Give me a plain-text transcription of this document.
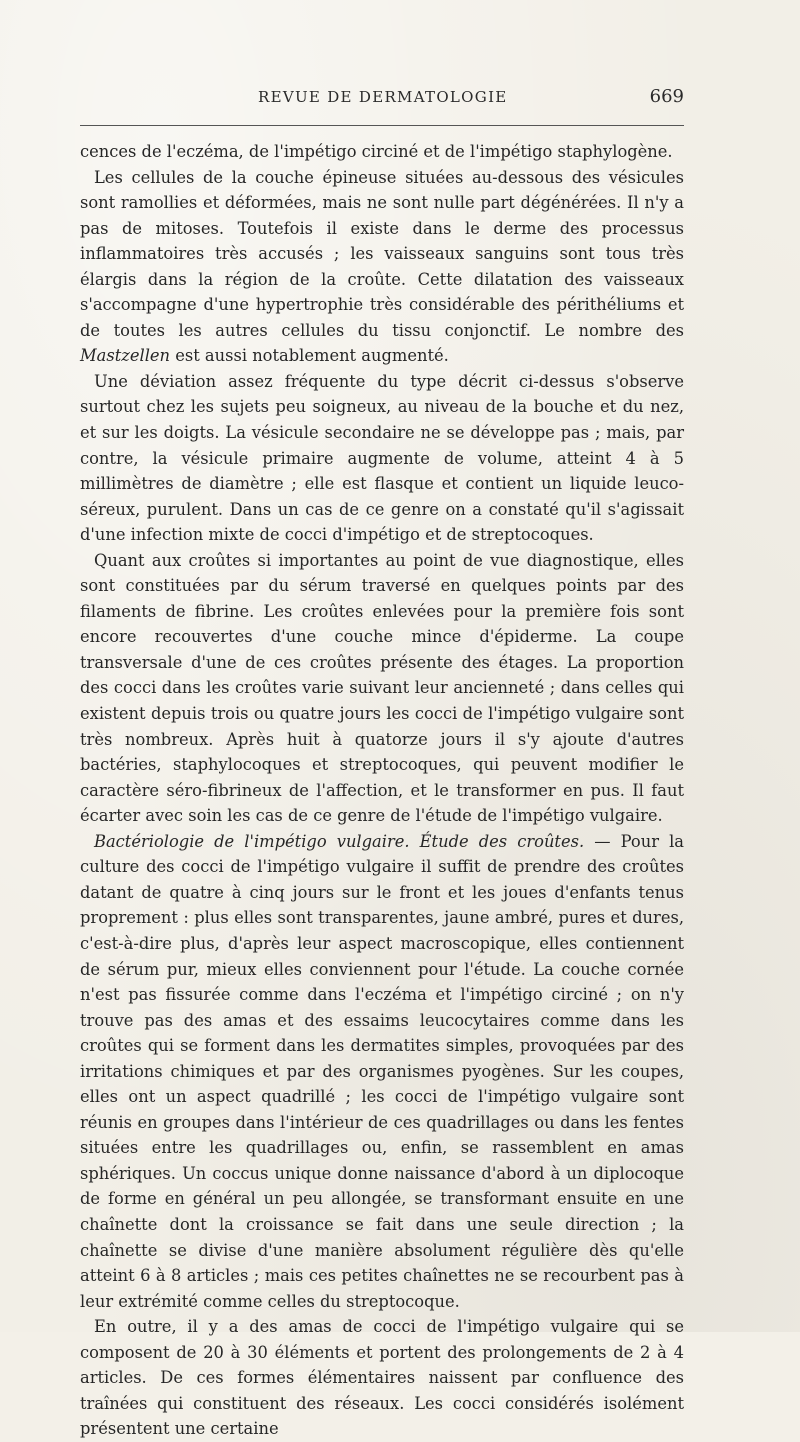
REVUE DE DERMATOLOGIE	669

cences de l'eczéma, de l'impétigo circiné et de l'impétigo staphylogène.

Les cellules de la couche épineuse situées au-dessous des vésicules sont ramollies et déformées, mais ne sont nulle part dégénérées. Il n'y a pas de mitoses. Toutefois il existe dans le derme des processus inflammatoires très accusés ; les vaisseaux sanguins sont tous très élargis dans la région de la croûte. Cette dilatation des vaisseaux s'accompagne d'une hypertrophie très considérable des périthéliums et de toutes les autres cellules du tissu conjonctif. Le nombre des Mastzellen est aussi notablement augmenté.

Une déviation assez fréquente du type décrit ci-dessus s'observe surtout chez les sujets peu soigneux, au niveau de la bouche et du nez, et sur les doigts. La vésicule secondaire ne se développe pas ; mais, par contre, la vésicule primaire augmente de volume, atteint 4 à 5 millimètres de diamètre ; elle est flasque et contient un liquide leuco-séreux, purulent. Dans un cas de ce genre on a constaté qu'il s'agissait d'une infection mixte de cocci d'impétigo et de streptocoques.

Quant aux croûtes si importantes au point de vue diagnostique, elles sont constituées par du sérum traversé en quelques points par des filaments de fibrine. Les croûtes enlevées pour la première fois sont encore recouvertes d'une couche mince d'épiderme. La coupe transversale d'une de ces croûtes présente des étages. La proportion des cocci dans les croûtes varie suivant leur ancienneté ; dans celles qui existent depuis trois ou quatre jours les cocci de l'impétigo vulgaire sont très nombreux. Après huit à quatorze jours il s'y ajoute d'autres bactéries, staphylocoques et streptocoques, qui peuvent modifier le caractère séro-fibrineux de l'affection, et le transformer en pus. Il faut écarter avec soin les cas de ce genre de l'étude de l'impétigo vulgaire.

Bactériologie de l'impétigo vulgaire. Étude des croûtes. — Pour la culture des cocci de l'impétigo vulgaire il suffit de prendre des croûtes datant de quatre à cinq jours sur le front et les joues d'enfants tenus proprement : plus elles sont transparentes, jaune ambré, pures et dures, c'est-à-dire plus, d'après leur aspect macroscopique, elles contiennent de sérum pur, mieux elles conviennent pour l'étude. La couche cornée n'est pas fissurée comme dans l'eczéma et l'impétigo circiné ; on n'y trouve pas des amas et des essaims leucocytaires comme dans les croûtes qui se forment dans les dermatites simples, provoquées par des irritations chimiques et par des organismes pyogènes. Sur les coupes, elles ont un aspect quadrillé ; les cocci de l'impétigo vulgaire sont réunis en groupes dans l'intérieur de ces quadrillages ou dans les fentes situées entre les quadrillages ou, enfin, se rassemblent en amas sphériques. Un coccus unique donne naissance d'abord à un diplocoque de forme en général un peu allongée, se transformant ensuite en une chaînette dont la croissance se fait dans une seule direction ; la chaînette se divise d'une manière absolument régulière dès qu'elle atteint 6 à 8 articles ; mais ces petites chaînettes ne se recourbent pas à leur extrémité comme celles du streptocoque.

En outre, il y a des amas de cocci de l'impétigo vulgaire qui se composent de 20 à 30 éléments et portent des prolongements de 2 à 4 articles. De ces formes élémentaires naissent par confluence des traînées qui constituent des réseaux. Les cocci considérés isolément présentent une certaine
